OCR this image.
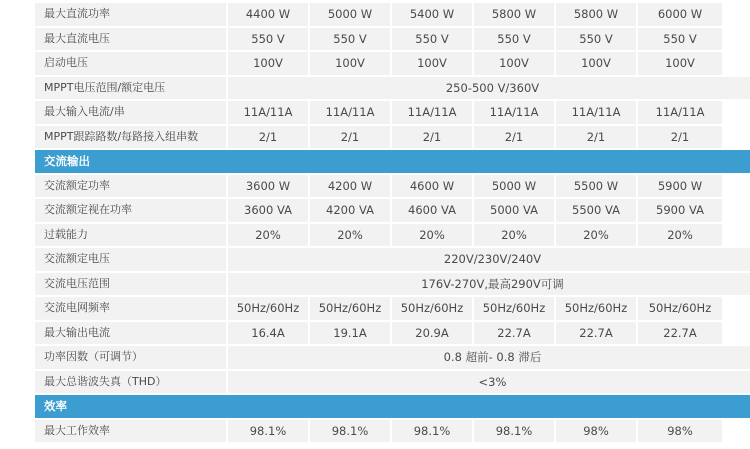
最大直流功率	4400 W	5000 W	5400 W	5800 W	5800 W	6000 W
最大直流电压	550 V	550 V	550 V	550 V	550 V	550 V
启动电压	100V	100V	100V	100V	100V	100V
MPPT电压范围/额定电压	250-500 V/360V
最大输入电流/串	11A/11A	11A/11A	11A/11A	11A/11A	11A/11A	11A/11A
MPPT跟踪路数/每路接入组串数	2/1	2/1	2/1	2/1	2/1	2/1
交流输出
交流额定功率	3600 W	4200 W	4600 W	5000 W	5500 W	5900 W
交流额定视在功率	3600 VA	4200 VA	4600 VA	5000 VA	5500 VA	5900 VA
过载能力	20%	20%	20%	20%	20%	20%
交流额定电压	220V/230V/240V
交流电压范围	176V-270V,最高290V可调
交流电网频率	50Hz/60Hz	50Hz/60Hz	50Hz/60Hz	50Hz/60Hz	50Hz/60Hz	50Hz/60Hz
最大输出电流	16.4A	19.1A	20.9A	22.7A	22.7A	22.7A
功率因数（可调节）	0.8 超前- 0.8 滞后
最大总谐波失真（THD）	<3%
效率
最大工作效率	98.1%	98.1%	98.1%	98.1%	98%	98%
